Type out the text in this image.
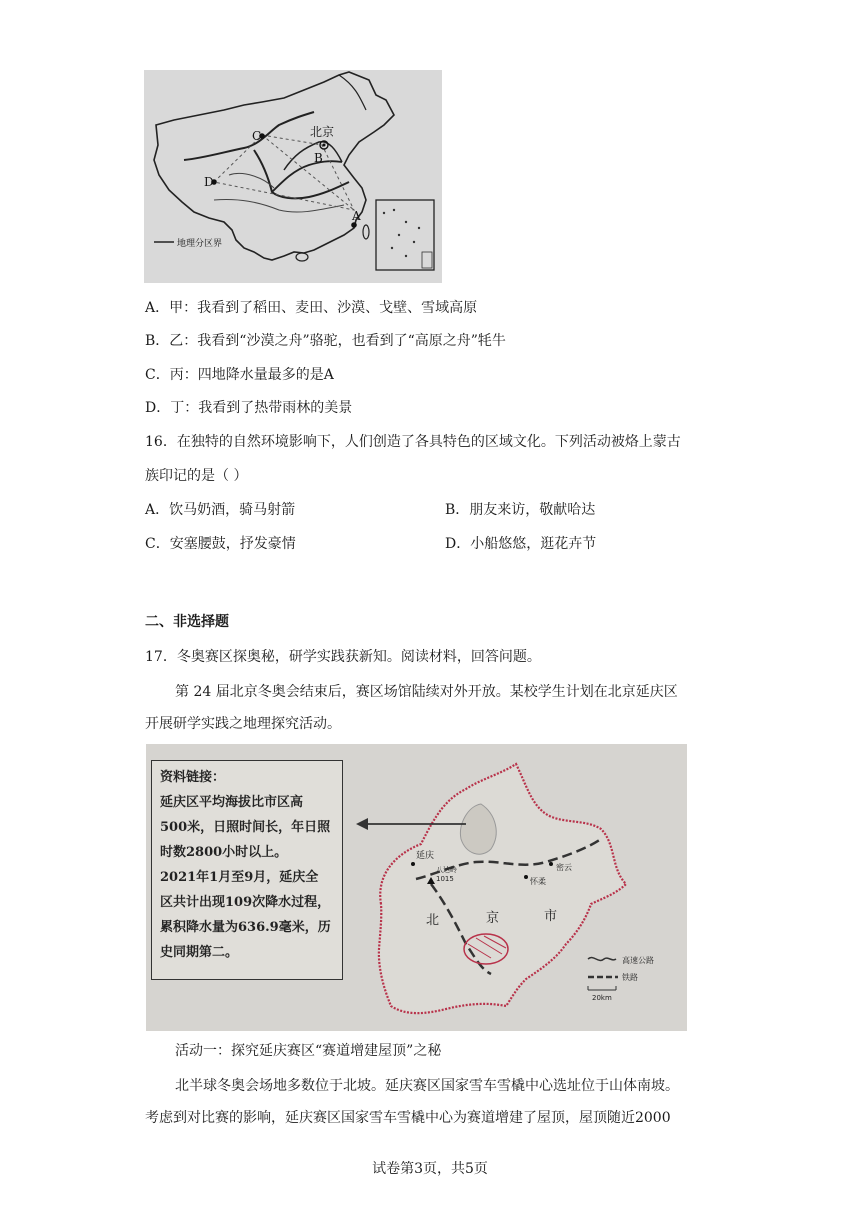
北京
A
B
C
D
地理分区界
A．甲：我看到了稻田、麦田、沙漠、戈壁、雪域高原
B．乙：我看到“沙漠之舟”骆驼，也看到了“高原之舟”牦牛
C．丙：四地降水量最多的是A
D．丁：我看到了热带雨林的美景
16．在独特的自然环境影响下，人们创造了各具特色的区域文化。下列活动被烙上蒙古
族印记的是（ ）
A．饮马奶酒，骑马射箭	B．朋友来访，敬献哈达
C．安塞腰鼓，抒发豪情	D．小船悠悠，逛花卉节
二、非选择题
17．冬奥赛区探奥秘，研学实践获新知。阅读材料，回答问题。
第 24 届北京冬奥会结束后，赛区场馆陆续对外开放。某校学生计划在北京延庆区
开展研学实践之地理探究活动。
延庆
八达岭
1015	怀柔
密云
北	京	市
高速公路
铁路
20km
资料链接：
延庆区平均海拔比市区高
500米，日照时间长，年日照
时数2800小时以上。
2021年1月至9月，延庆全
区共计出现109次降水过程，
累积降水量为636.9毫米，历
史同期第二。
活动一：探究延庆赛区“赛道增建屋顶”之秘
北半球冬奥会场地多数位于北坡。延庆赛区国家雪车雪橇中心选址位于山体南坡。
考虑到对比赛的影响，延庆赛区国家雪车雪橇中心为赛道增建了屋顶，屋顶随近2000
试卷第3页，共5页
